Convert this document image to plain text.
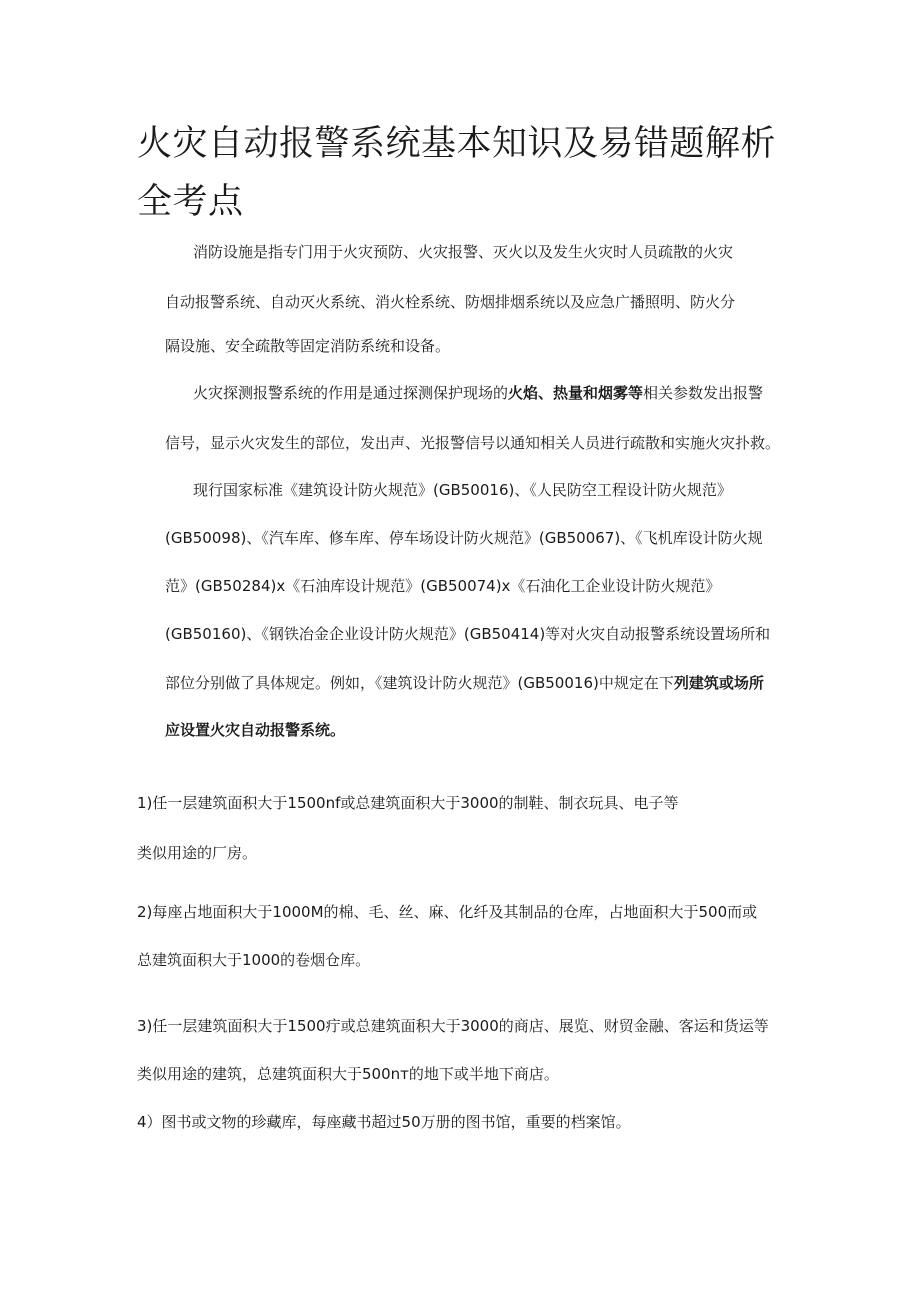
火灾自动报警系统基本知识及易错题解析
全考点

消防设施是指专门用于火灾预防、火灾报警、灭火以及发生火灾时人员疏散的火灾

自动报警系统、自动灭火系统、消火栓系统、防烟排烟系统以及应急广播照明、防火分

隔设施、安全疏散等固定消防系统和设备。

火灾探测报警系统的作用是通过探测保护现场的火焰、热量和烟雾等相关参数发出报警

信号，显示火灾发生的部位，发出声、光报警信号以通知相关人员进行疏散和实施火灾扑救。

现行国家标准《建筑设计防火规范》(GB50016)、《人民防空工程设计防火规范》

(GB50098)、《汽车库、修车库、停车场设计防火规范》(GB50067)、《飞机库设计防火规

范》(GB50284)x《石油库设计规范》(GB50074)x《石油化工企业设计防火规范》

(GB50160)、《钢铁冶金企业设计防火规范》(GB50414)等对火灾自动报警系统设置场所和

部位分别做了具体规定。例如，《建筑设计防火规范》(GB50016)中规定在下列建筑或场所

应设置火灾自动报警系统。

1)任一层建筑面积大于1500nf或总建筑面积大于3000的制鞋、制衣玩具、电子等

类似用途的厂房。

2)每座占地面积大于1000M的棉、毛、丝、麻、化纤及其制品的仓库，占地面积大于500而或

总建筑面积大于1000的卷烟仓库。

3)任一层建筑面积大于1500疔或总建筑面积大于3000的商店、展览、财贸金融、客运和货运等

类似用途的建筑，总建筑面积大于500nт的地下或半地下商店。

4）图书或文物的珍藏库，每座藏书超过50万册的图书馆，重要的档案馆。
